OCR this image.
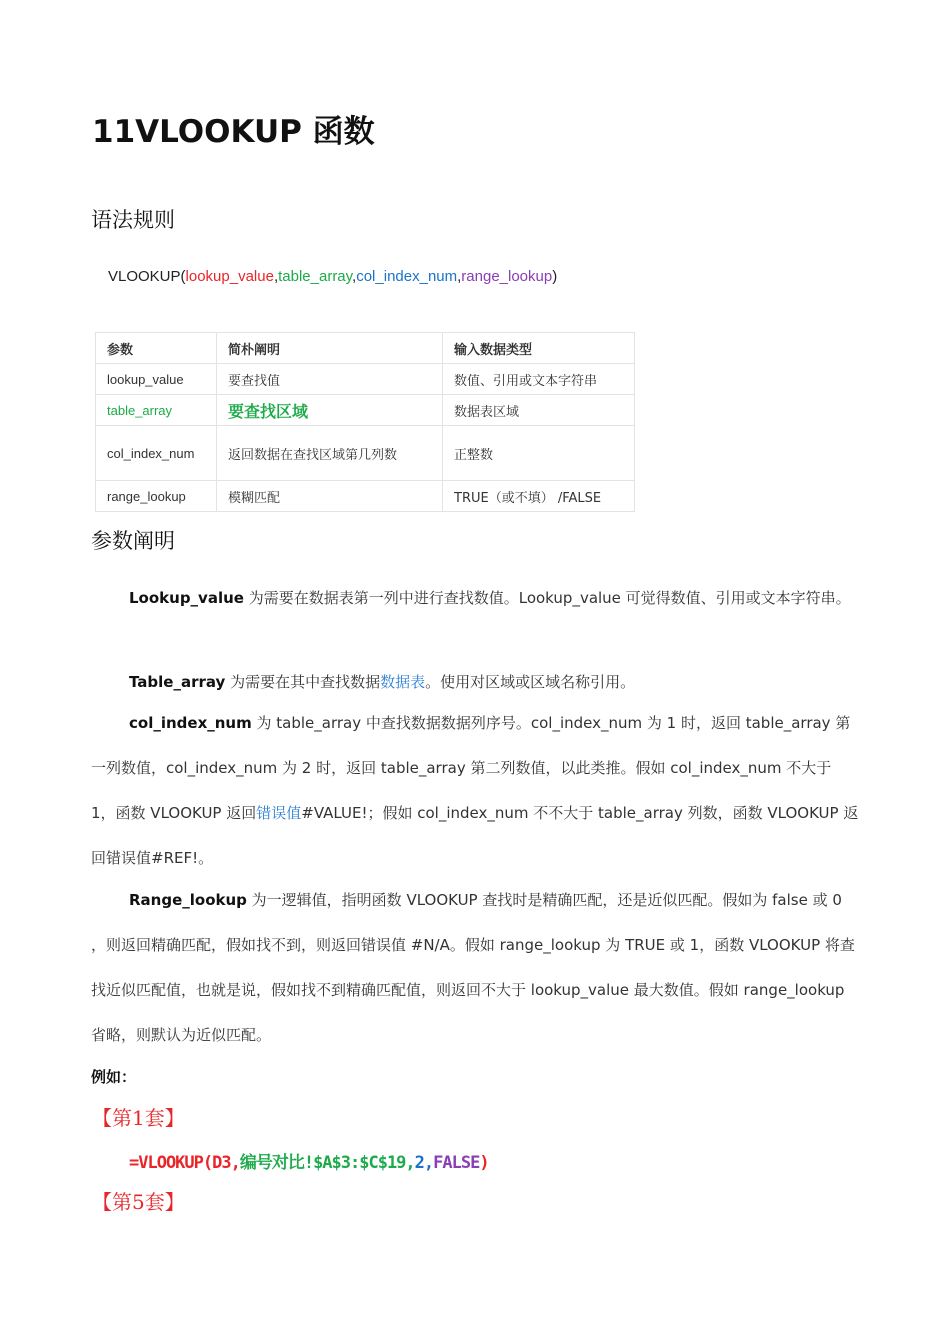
11VLOOKUP 函数
语法规则
VLOOKUP(lookup_value,table_array,col_index_num,range_lookup)
参数	简朴阐明	输入数据类型
lookup_value	要查找值	数值、引用或文本字符串
table_array	要查找区域	数据表区域
col_index_num	返回数据在查找区域第几列数	正整数
range_lookup	模糊匹配	TRUE（或不填） /FALSE
参数阐明

Lookup_value 为需要在数据表第一列中进行查找数值。Lookup_value 可觉得数值、引用或文本字符串。

Table_array 为需要在其中查找数据数据表。使用对区域或区域名称引用。

col_index_num 为 table_array 中查找数据数据列序号。col_index_num 为 1 时，返回 table_array 第一列数值，col_index_num 为 2 时，返回 table_array 第二列数值，以此类推。假如 col_index_num 不大于 1，函数 VLOOKUP 返回错误值#VALUE!；假如 col_index_num 不不大于 table_array 列数，函数 VLOOKUP 返回错误值#REF!。

Range_lookup 为一逻辑值，指明函数 VLOOKUP 查找时是精确匹配，还是近似匹配。假如为 false 或 0 ，则返回精确匹配，假如找不到，则返回错误值 #N/A。假如 range_lookup 为 TRUE 或 1，函数 VLOOKUP 将查找近似匹配值，也就是说，假如找不到精确匹配值，则返回不大于 lookup_value 最大数值。假如 range_lookup 省略，则默认为近似匹配。

例如：
【第1套】
=VLOOKUP(D3,编号对比!$A$3:$C$19,2,FALSE)
【第5套】
